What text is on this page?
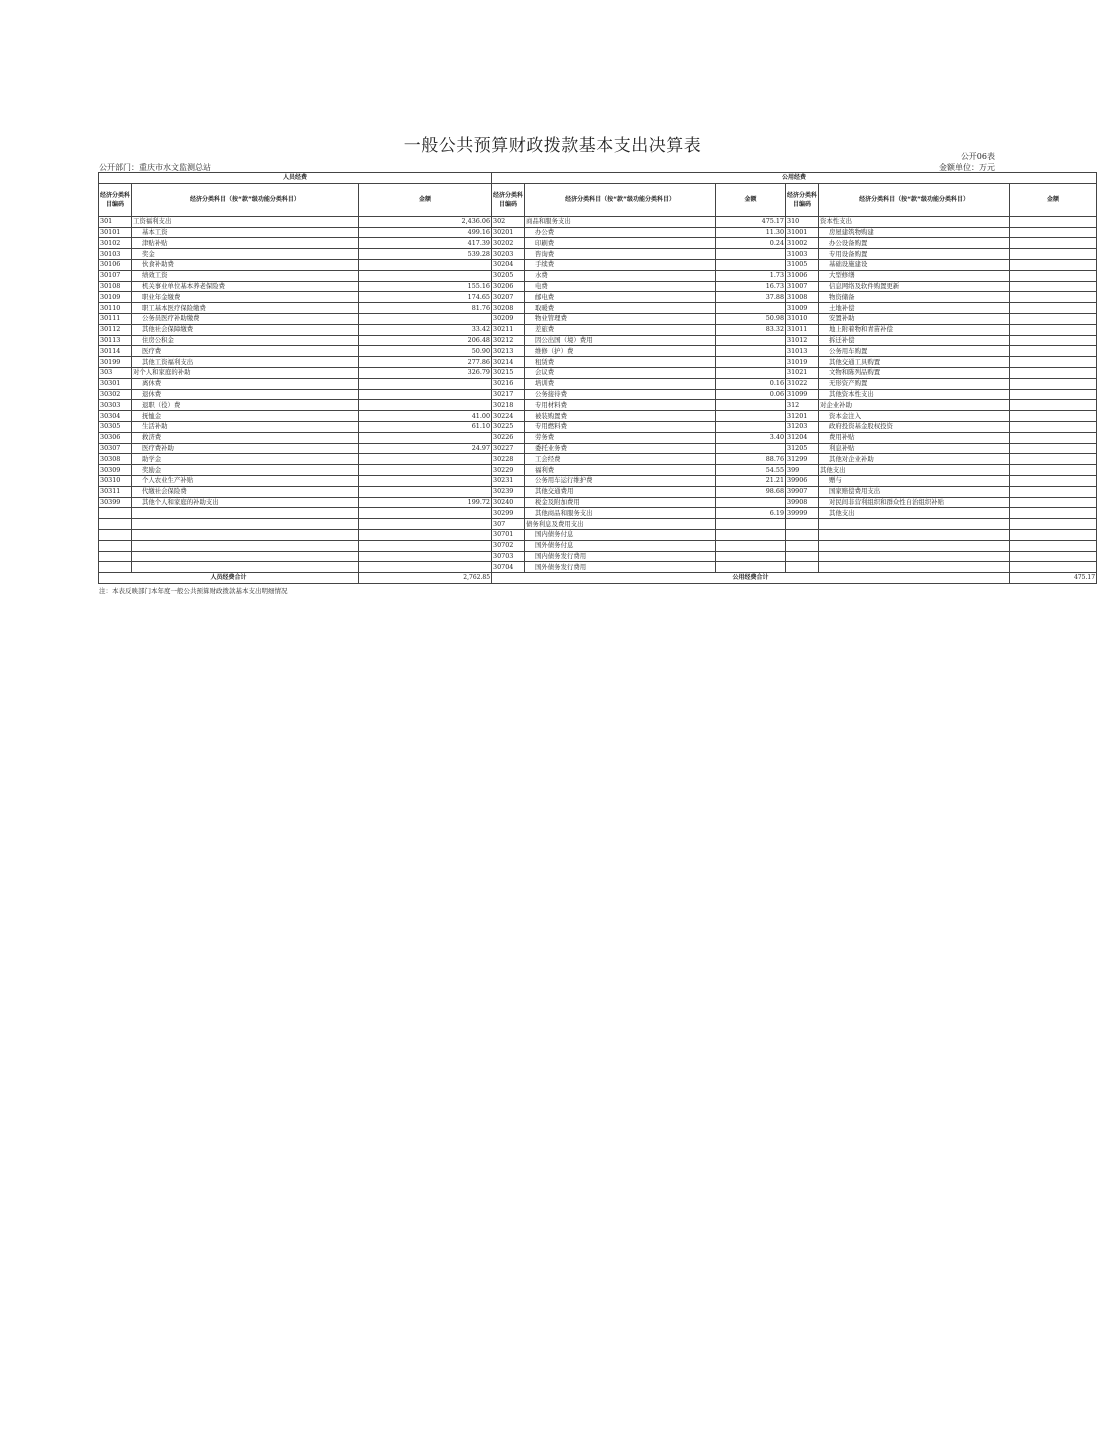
一般公共预算财政拨款基本支出决算表
公开06表
公开部门：重庆市水文监测总站	金额单位：万元
人员经费			公用经费					
经济分类科目编码	经济分类科目（按“款”级功能分类科目）	金额	经济分类科目编码	经济分类科目（按“款”级功能分类科目）	金额	经济分类科目编码	经济分类科目（按“款”级功能分类科目）	金额
301	工资福利支出	2,436.06	302	商品和服务支出	475.17	310	资本性支出	
30101	基本工资	499.16	30201	办公费	11.30	31001	房屋建筑物购建	
30102	津贴补贴	417.39	30202	印刷费	0.24	31002	办公设备购置	
30103	奖金	539.28	30203	咨询费		31003	专用设备购置	
30106	伙食补助费		30204	手续费		31005	基础设施建设	
30107	绩效工资		30205	水费	1.73	31006	大型修缮	
30108	机关事业单位基本养老保险费	155.16	30206	电费	16.73	31007	信息网络及软件购置更新	
30109	职业年金缴费	174.65	30207	邮电费	37.88	31008	物资储备	
30110	职工基本医疗保险缴费	81.76	30208	取暖费		31009	土地补偿	
30111	公务员医疗补助缴费		30209	物业管理费	50.98	31010	安置补助	
30112	其他社会保障缴费	33.42	30211	差旅费	83.32	31011	地上附着物和青苗补偿	
30113	住房公积金	206.48	30212	因公出国（境）费用		31012	拆迁补偿	
30114	医疗费	50.90	30213	维修（护）费		31013	公务用车购置	
30199	其他工资福利支出	277.86	30214	租赁费		31019	其他交通工具购置	
303	对个人和家庭的补助	326.79	30215	会议费		31021	文物和陈列品购置	
30301	离休费		30216	培训费	0.16	31022	无形资产购置	
30302	退休费		30217	公务接待费	0.06	31099	其他资本性支出	
30303	退职（役）费		30218	专用材料费		312	对企业补助	
30304	抚恤金	41.00	30224	被装购置费		31201	资本金注入	
30305	生活补助	61.10	30225	专用燃料费		31203	政府投资基金股权投资	
30306	救济费		30226	劳务费	3.40	31204	费用补贴	
30307	医疗费补助	24.97	30227	委托业务费		31205	利息补贴	
30308	助学金		30228	工会经费	88.76	31299	其他对企业补助	
30309	奖励金		30229	福利费	54.55	399	其他支出	
30310	个人农业生产补贴		30231	公务用车运行维护费	21.21	39906	赠与	
30311	代缴社会保险费		30239	其他交通费用	98.68	39907	国家赔偿费用支出	
30399	其他个人和家庭的补助支出	199.72	30240	税金及附加费用		39908	对民间非营利组织和群众性自治组织补贴	
			30299	其他商品和服务支出	6.19	39999	其他支出	
			307	债务利息及费用支出				
			30701	国内债务付息				
			30702	国外债务付息				
			30703	国内债务发行费用				
			30704	国外债务发行费用				
人员经费合计		2,762.85	公用经费合计					475.17
注：本表反映部门本年度一般公共预算财政拨款基本支出明细情况
